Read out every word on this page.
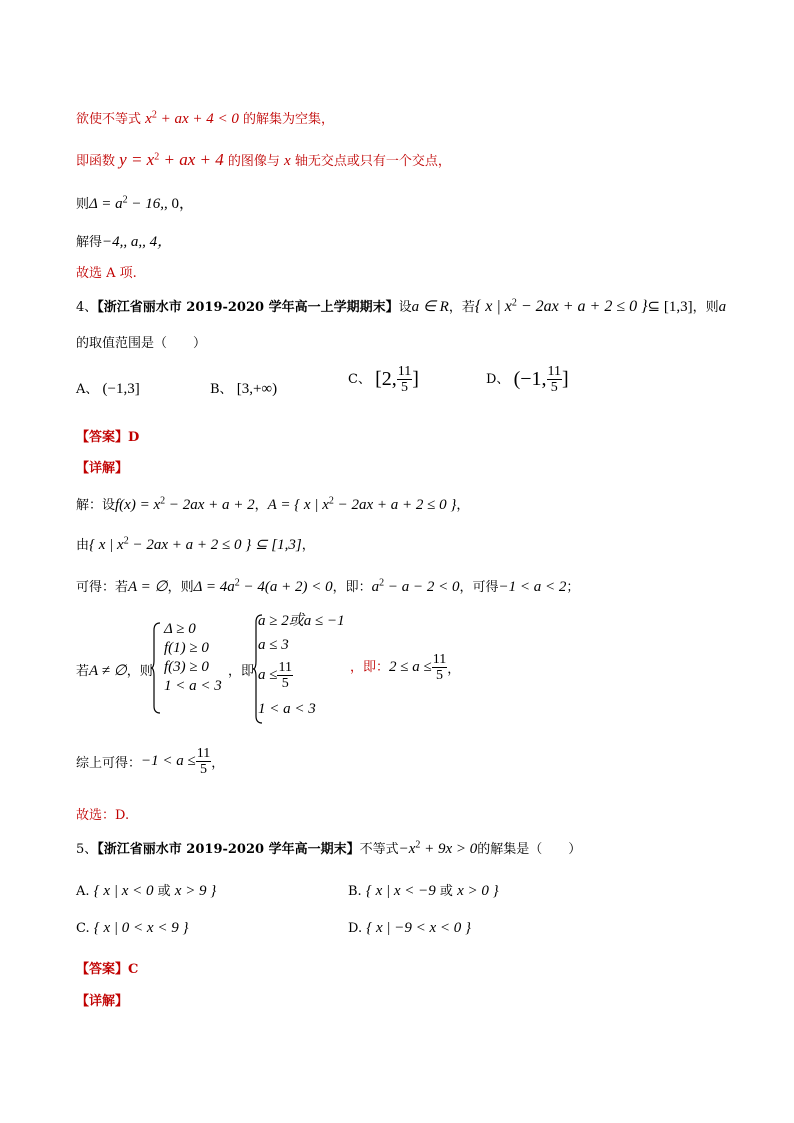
欲使不等式 $x^2$ + ax + 4 < 0 的解集为空集，
即函数 $y = x^2$ + ax + 4 的图像与 x 轴无交点或只有一个交点，
则$\Delta = a^2 - 16$,, 0，
解得−4,, a,, 4，
故选 A 项.
4、【浙江省丽水市 2019-2020 学年高一上学期期末】设a ∈ R，若{ x | $x^2 - 2ax + a + 2 \le 0$ }⊆ [1,3]，则a
的取值范围是（　　）
A、 (−1,3]	B、 [3,+∞)
C、 [2, $\frac{11}{5}$ ]	D、 (−1, $\frac{11}{5}$ ]
【答案】D
【详解】
解：设$f(x) = x^2 - 2ax + a + 2$，A = { x | $x^2 - 2ax + a + 2 \le 0$ }，
由{ x | $x^2 - 2ax + a + 2 \le 0$ } ⊆ [1,3]，
可得：若A = ∅，则$\Delta = 4a^2 - 4(a + 2) < 0$，即：$a^2 - a - 2 < 0$，可得−1 < a < 2；
若A ≠ ∅，则
Δ ≥ 0
f(1) ≥ 0
f(3) ≥ 0
1 < a < 3
，即
a ≥ 2或a ≤ −1
a ≤ 3
$a \le \frac{11}{5}$
1 < a < 3
，即：$2 \le a \le \frac{11}{5}$ ，
综上可得：$-1 < a \le \frac{11}{5}$ ，
故选：D.
5、【浙江省丽水市 2019-2020 学年高一期末】不等式$-x^2 + 9x > 0$的解集是（　　）
A. { x | x < 0 或 x > 9 }	B. { x | x < −9 或 x > 0 }
C. { x | 0 < x < 9 }	D. { x | −9 < x < 0 }
【答案】C
【详解】
